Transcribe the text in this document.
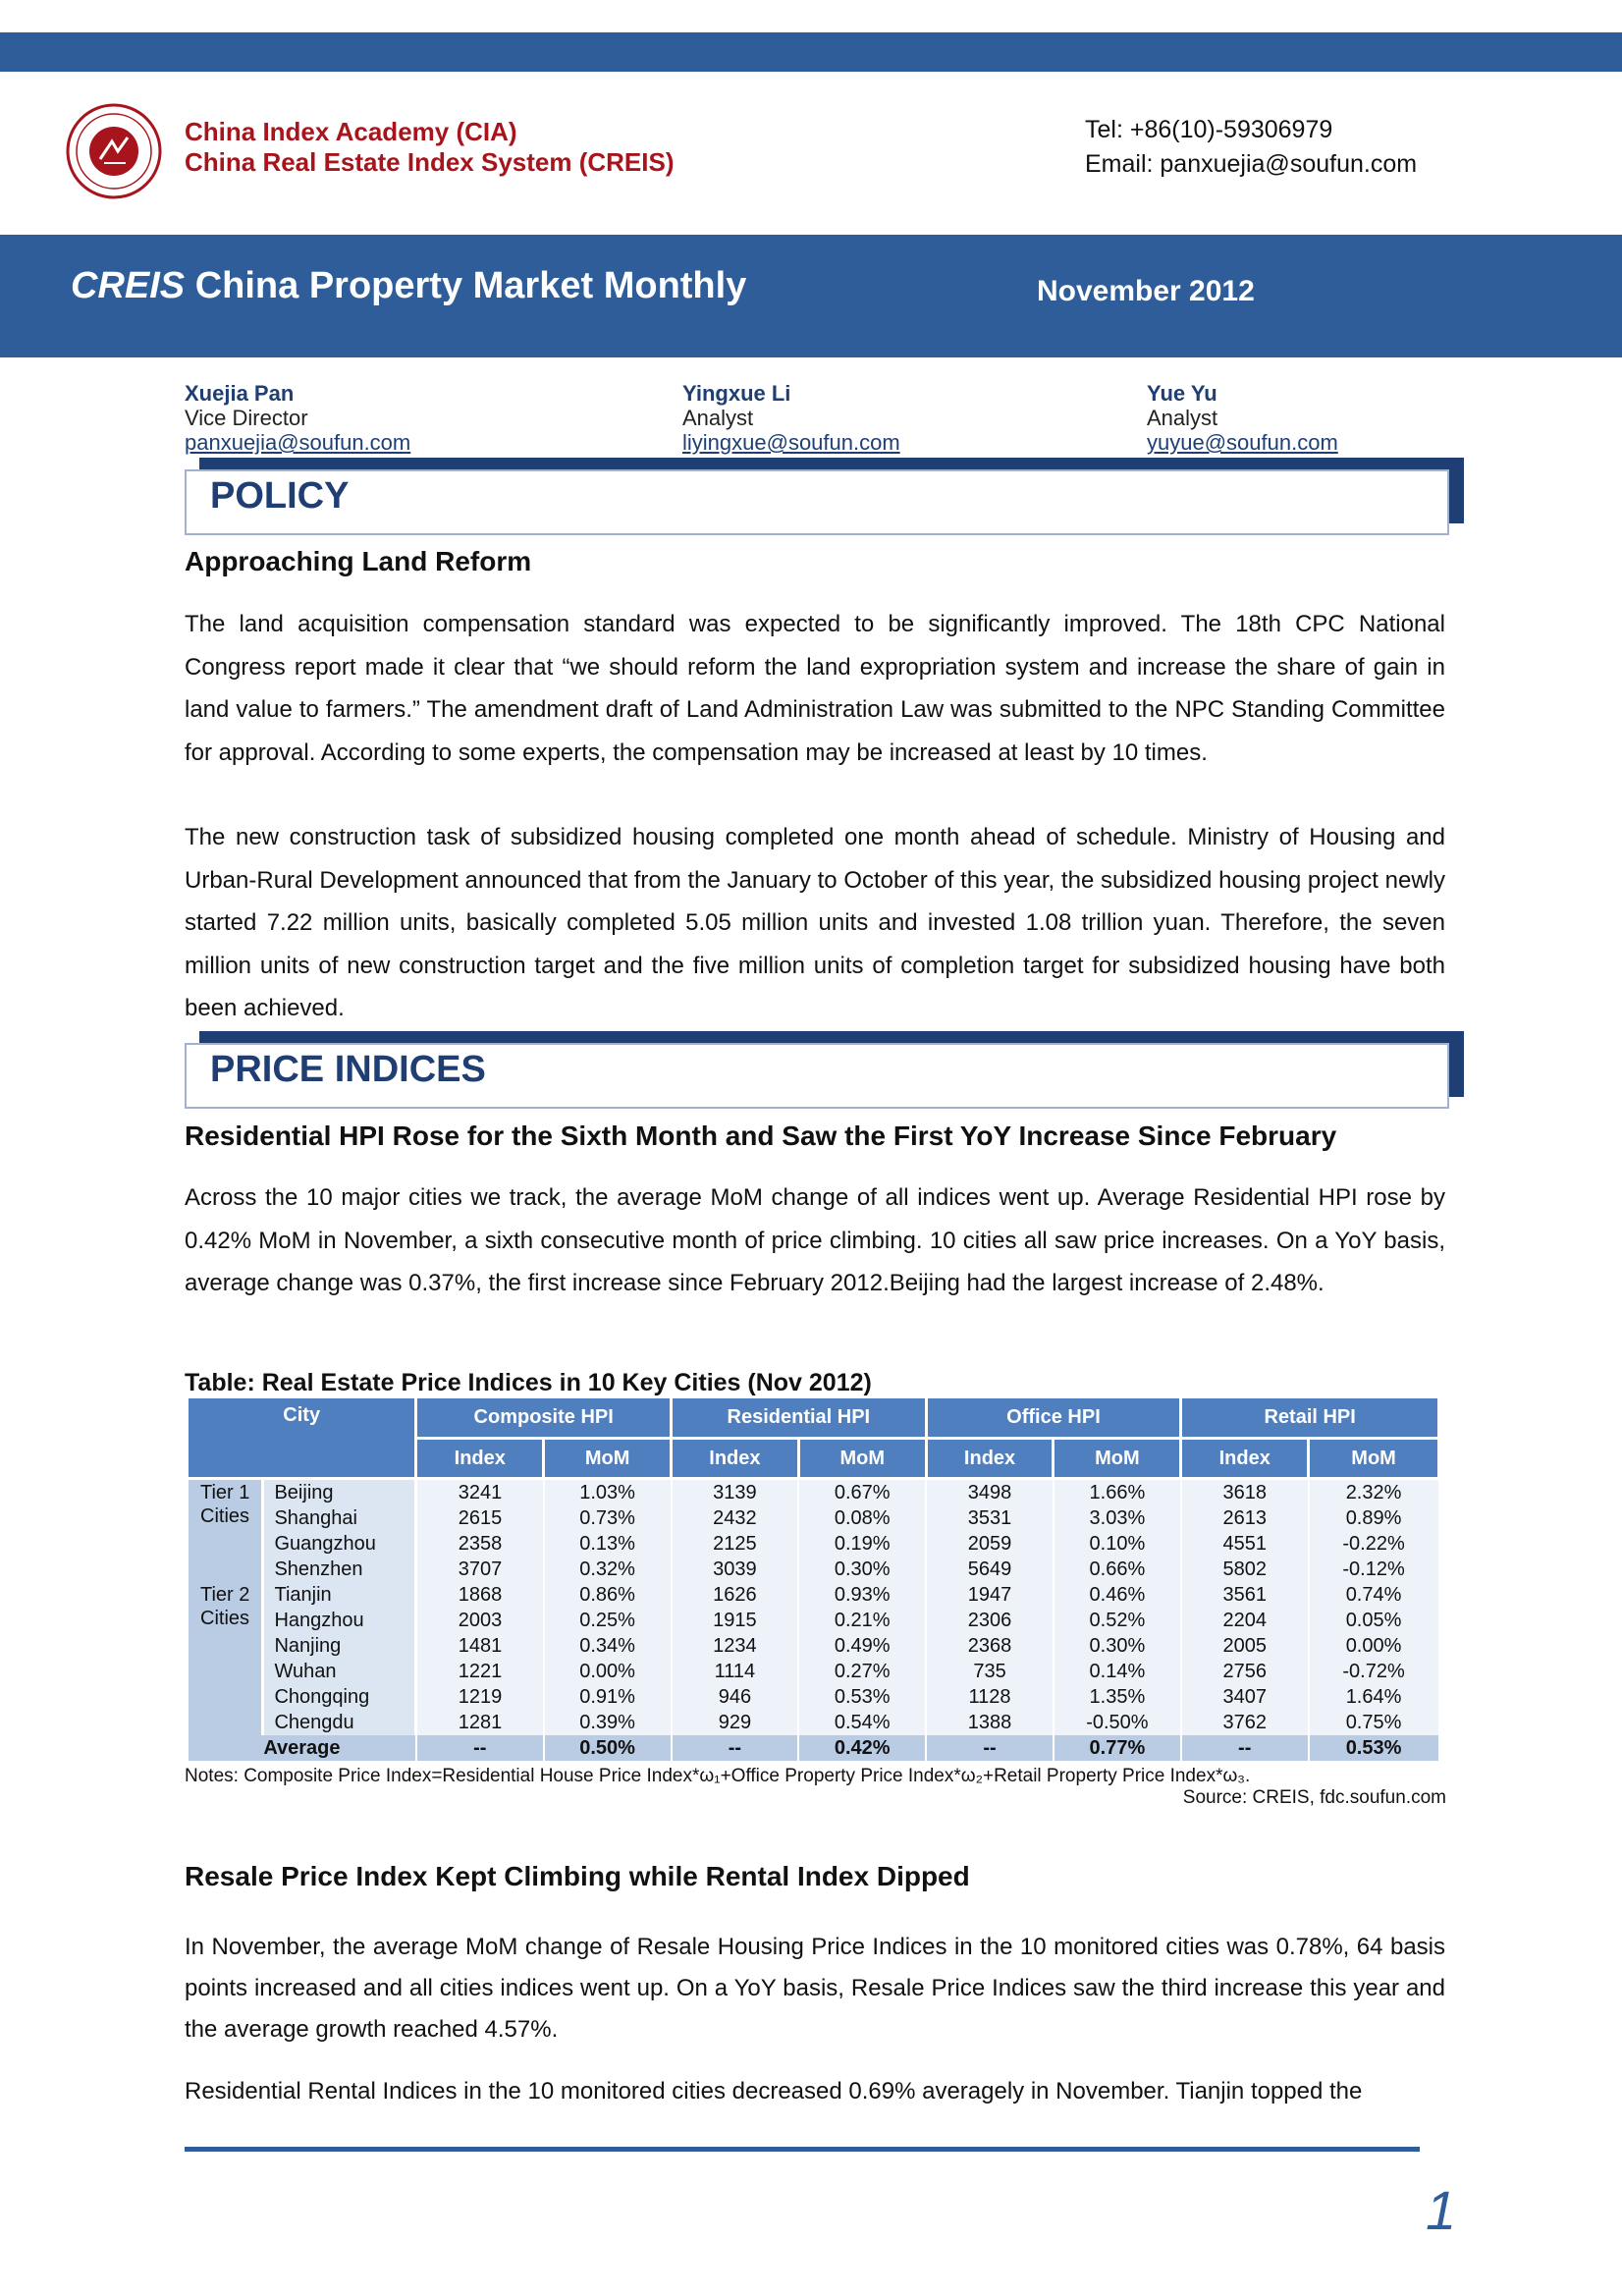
China Index Academy (CIA)
China Real Estate Index System (CREIS)
Tel: +86(10)-59306979
Email: panxuejia@soufun.com
CREIS China Property Market Monthly	November 2012
Xuejia Pan
Vice Director
panxuejia@soufun.com
Yingxue Li
Analyst
liyingxue@soufun.com
Yue Yu
Analyst
yuyue@soufun.com
POLICY
Approaching Land Reform

The land acquisition compensation standard was expected to be significantly improved. The 18th CPC National Congress report made it clear that “we should reform the land expropriation system and increase the share of gain in land value to farmers.” The amendment draft of Land Administration Law was submitted to the NPC Standing Committee for approval. According to some experts, the compensation may be increased at least by 10 times.

The new construction task of subsidized housing completed one month ahead of schedule. Ministry of Housing and Urban-Rural Development announced that from the January to October of this year, the subsidized housing project newly started 7.22 million units, basically completed 5.05 million units and invested 1.08 trillion yuan. Therefore, the seven million units of new construction target and the five million units of completion target for subsidized housing have both been achieved.

PRICE INDICES
Residential HPI Rose for the Sixth Month and Saw the First YoY Increase Since February

Across the 10 major cities we track, the average MoM change of all indices went up. Average Residential HPI rose by 0.42% MoM in November, a sixth consecutive month of price climbing. 10 cities all saw price increases. On a YoY basis, average change was 0.37%, the first increase since February 2012.Beijing had the largest increase of 2.48%.

Table: Real Estate Price Indices in 10 Key Cities (Nov 2012)
City		Composite HPI		Residential HPI		Office HPI		Retail HPI	
		Index	MoM	Index	MoM	Index	MoM	Index	MoM

Tier 1
Cities	Beijing	3241	1.03%	3139	0.67%	3498	1.66%	3618	2.32%
	Shanghai	2615	0.73%	2432	0.08%	3531	3.03%	2613	0.89%
	Guangzhou	2358	0.13%	2125	0.19%	2059	0.10%	4551	-0.22%
	Shenzhen	3707	0.32%	3039	0.30%	5649	0.66%	5802	-0.12%

Tier 2
Cities	Tianjin	1868	0.86%	1626	0.93%	1947	0.46%	3561	0.74%
	Hangzhou	2003	0.25%	1915	0.21%	2306	0.52%	2204	0.05%
	Nanjing	1481	0.34%	1234	0.49%	2368	0.30%	2005	0.00%
	Wuhan	1221	0.00%	1114	0.27%	735	0.14%	2756	-0.72%
	Chongqing	1219	0.91%	946	0.53%	1128	1.35%	3407	1.64%
	Chengdu	1281	0.39%	929	0.54%	1388	-0.50%	3762	0.75%
Average		--	0.50%	--	0.42%	--	0.77%	--	0.53%
Notes: Composite Price Index=Residential House Price Index*ω₁+Office Property Price Index*ω₂+Retail Property Price Index*ω₃.
Source: CREIS, fdc.soufun.com
Resale Price Index Kept Climbing while Rental Index Dipped

In November, the average MoM change of Resale Housing Price Indices in the 10 monitored cities was 0.78%, 64 basis points increased and all cities indices went up. On a YoY basis, Resale Price Indices saw the third increase this year and the average growth reached 4.57%.

Residential Rental Indices in the 10 monitored cities decreased 0.69% averagely in November. Tianjin topped the

1
